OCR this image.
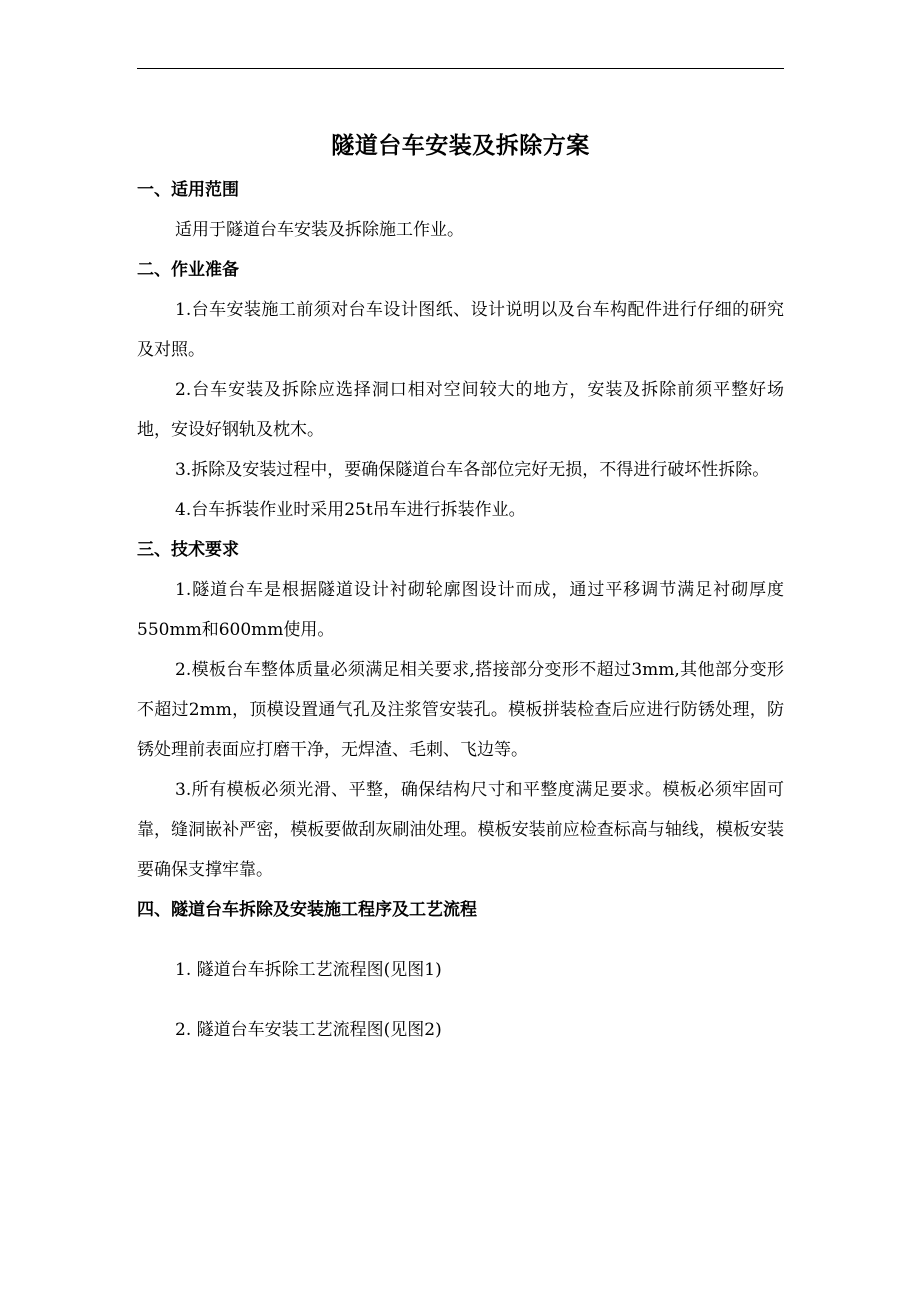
隧道台车安装及拆除方案

一、适用范围

适用于隧道台车安装及拆除施工作业。

二、作业准备

1.台车安装施工前须对台车设计图纸、设计说明以及台车构配件进行仔细的研究及对照。

2.台车安装及拆除应选择洞口相对空间较大的地方，安装及拆除前须平整好场地，安设好钢轨及枕木。

3.拆除及安装过程中，要确保隧道台车各部位完好无损，不得进行破坏性拆除。

4.台车拆装作业时采用25t吊车进行拆装作业。

三、技术要求

1.隧道台车是根据隧道设计衬砌轮廓图设计而成，通过平移调节满足衬砌厚度550mm和600mm使用。

2.模板台车整体质量必须满足相关要求,搭接部分变形不超过3mm,其他部分变形不超过2mm，顶模设置通气孔及注浆管安装孔。模板拼装检查后应进行防锈处理，防锈处理前表面应打磨干净，无焊渣、毛刺、飞边等。

3.所有模板必须光滑、平整，确保结构尺寸和平整度满足要求。模板必须牢固可靠，缝洞嵌补严密，模板要做刮灰刷油处理。模板安装前应检查标高与轴线，模板安装要确保支撑牢靠。

四、隧道台车拆除及安装施工程序及工艺流程

1. 隧道台车拆除工艺流程图(见图1)

2. 隧道台车安装工艺流程图(见图2)
